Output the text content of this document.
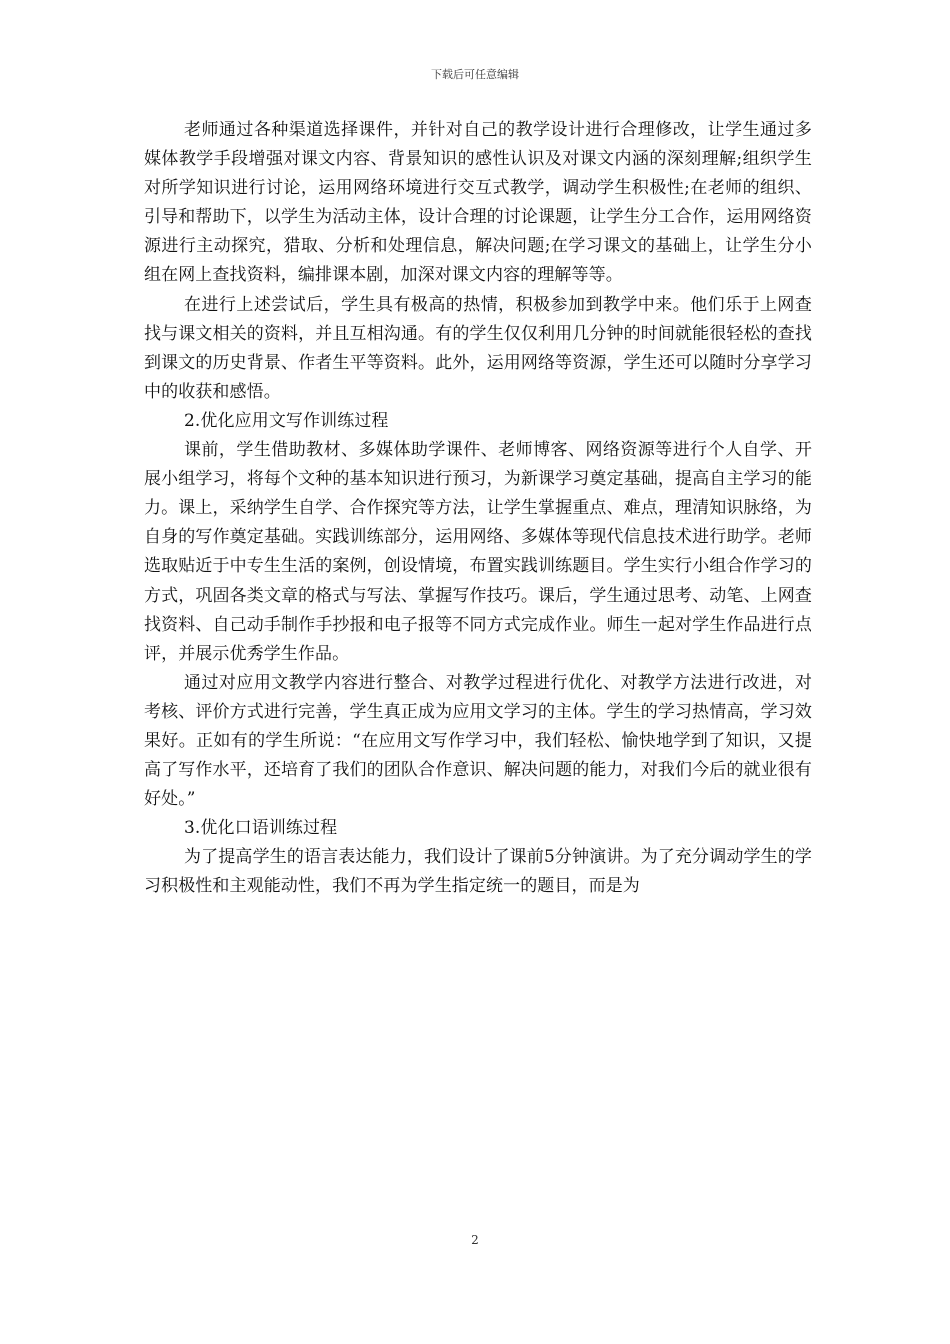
下载后可任意编辑

老师通过各种渠道选择课件，并针对自己的教学设计进行合理修改，让学生通过多媒体教学手段增强对课文内容、背景知识的感性认识及对课文内涵的深刻理解;组织学生对所学知识进行讨论，运用网络环境进行交互式教学，调动学生积极性;在老师的组织、引导和帮助下，以学生为活动主体，设计合理的讨论课题，让学生分工合作，运用网络资源进行主动探究，猎取、分析和处理信息，解决问题;在学习课文的基础上，让学生分小组在网上查找资料，编排课本剧，加深对课文内容的理解等等。

在进行上述尝试后，学生具有极高的热情，积极参加到教学中来。他们乐于上网查找与课文相关的资料，并且互相沟通。有的学生仅仅利用几分钟的时间就能很轻松的查找到课文的历史背景、作者生平等资料。此外，运用网络等资源，学生还可以随时分享学习中的收获和感悟。

2.优化应用文写作训练过程

课前，学生借助教材、多媒体助学课件、老师博客、网络资源等进行个人自学、开展小组学习，将每个文种的基本知识进行预习，为新课学习奠定基础，提高自主学习的能力。课上，采纳学生自学、合作探究等方法，让学生掌握重点、难点，理清知识脉络，为自身的写作奠定基础。实践训练部分，运用网络、多媒体等现代信息技术进行助学。老师选取贴近于中专生生活的案例，创设情境，布置实践训练题目。学生实行小组合作学习的方式，巩固各类文章的格式与写法、掌握写作技巧。课后，学生通过思考、动笔、上网查找资料、自己动手制作手抄报和电子报等不同方式完成作业。师生一起对学生作品进行点评，并展示优秀学生作品。

通过对应用文教学内容进行整合、对教学过程进行优化、对教学方法进行改进，对考核、评价方式进行完善，学生真正成为应用文学习的主体。学生的学习热情高，学习效果好。正如有的学生所说：“在应用文写作学习中，我们轻松、愉快地学到了知识，又提高了写作水平，还培育了我们的团队合作意识、解决问题的能力，对我们今后的就业很有好处。”

3.优化口语训练过程

为了提高学生的语言表达能力，我们设计了课前5分钟演讲。为了充分调动学生的学习积极性和主观能动性，我们不再为学生指定统一的题目，而是为

2
